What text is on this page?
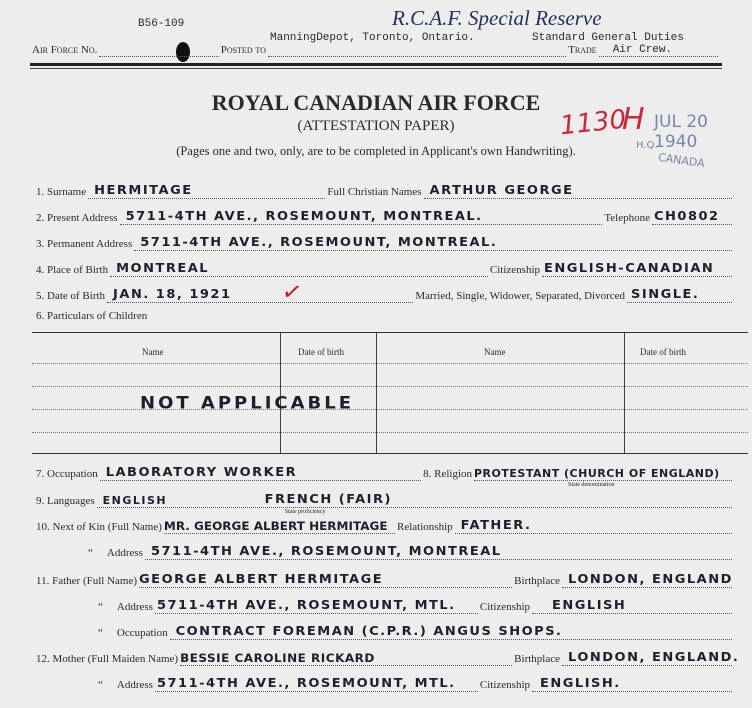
B56-109	R.C.A.F. Special Reserve
ManningDepot, Toronto, Ontario.	Standard General Duties
Air Force No.	Posted to	Trade Air Crew.
ROYAL CANADIAN AIR FORCE
(ATTESTATION PAPER)
(Pages one and two, only, are to be completed in Applicant's own Handwriting).
1130
H JUL 20 1940
H.Q.
CANADA
1. Surname HERMITAGE	Full Christian Names ARTHUR GEORGE
2. Present Address 5711-4TH AVE., ROSEMOUNT, MONTREAL.	Telephone CH0802
3. Permanent Address 5711-4TH AVE., ROSEMOUNT, MONTREAL.
4. Place of Birth MONTREAL	Citizenship ENGLISH-CANADIAN
5. Date of Birth JAN. 18, 1921	Married, Single, Widower, Separated, Divorced SINGLE.
✓
6. Particulars of Children
Name	Date of birth	Name	Date of birth
NOT APPLICABLE
7. Occupation LABORATORY WORKER	8. Religion PROTESTANT (CHURCH OF ENGLAND)
State denomination
9. Languages ENGLISH	FRENCH (FAIR)
State proficiency
10. Next of Kin (Full Name) MR. GEORGE ALBERT HERMITAGE Relationship FATHER.
“ Address 5711-4TH AVE., ROSEMOUNT, MONTREAL
11. Father (Full Name) GEORGE ALBERT HERMITAGE	Birthplace LONDON, ENGLAND
“ Address 5711-4TH AVE., ROSEMOUNT, MTL. Citizenship ENGLISH
“ Occupation CONTRACT FOREMAN (C.P.R.) ANGUS SHOPS.
12. Mother (Full Maiden Name) BESSIE CAROLINE RICKARD	Birthplace LONDON, ENGLAND.
“ Address 5711-4TH AVE., ROSEMOUNT, MTL. Citizenship ENGLISH.
